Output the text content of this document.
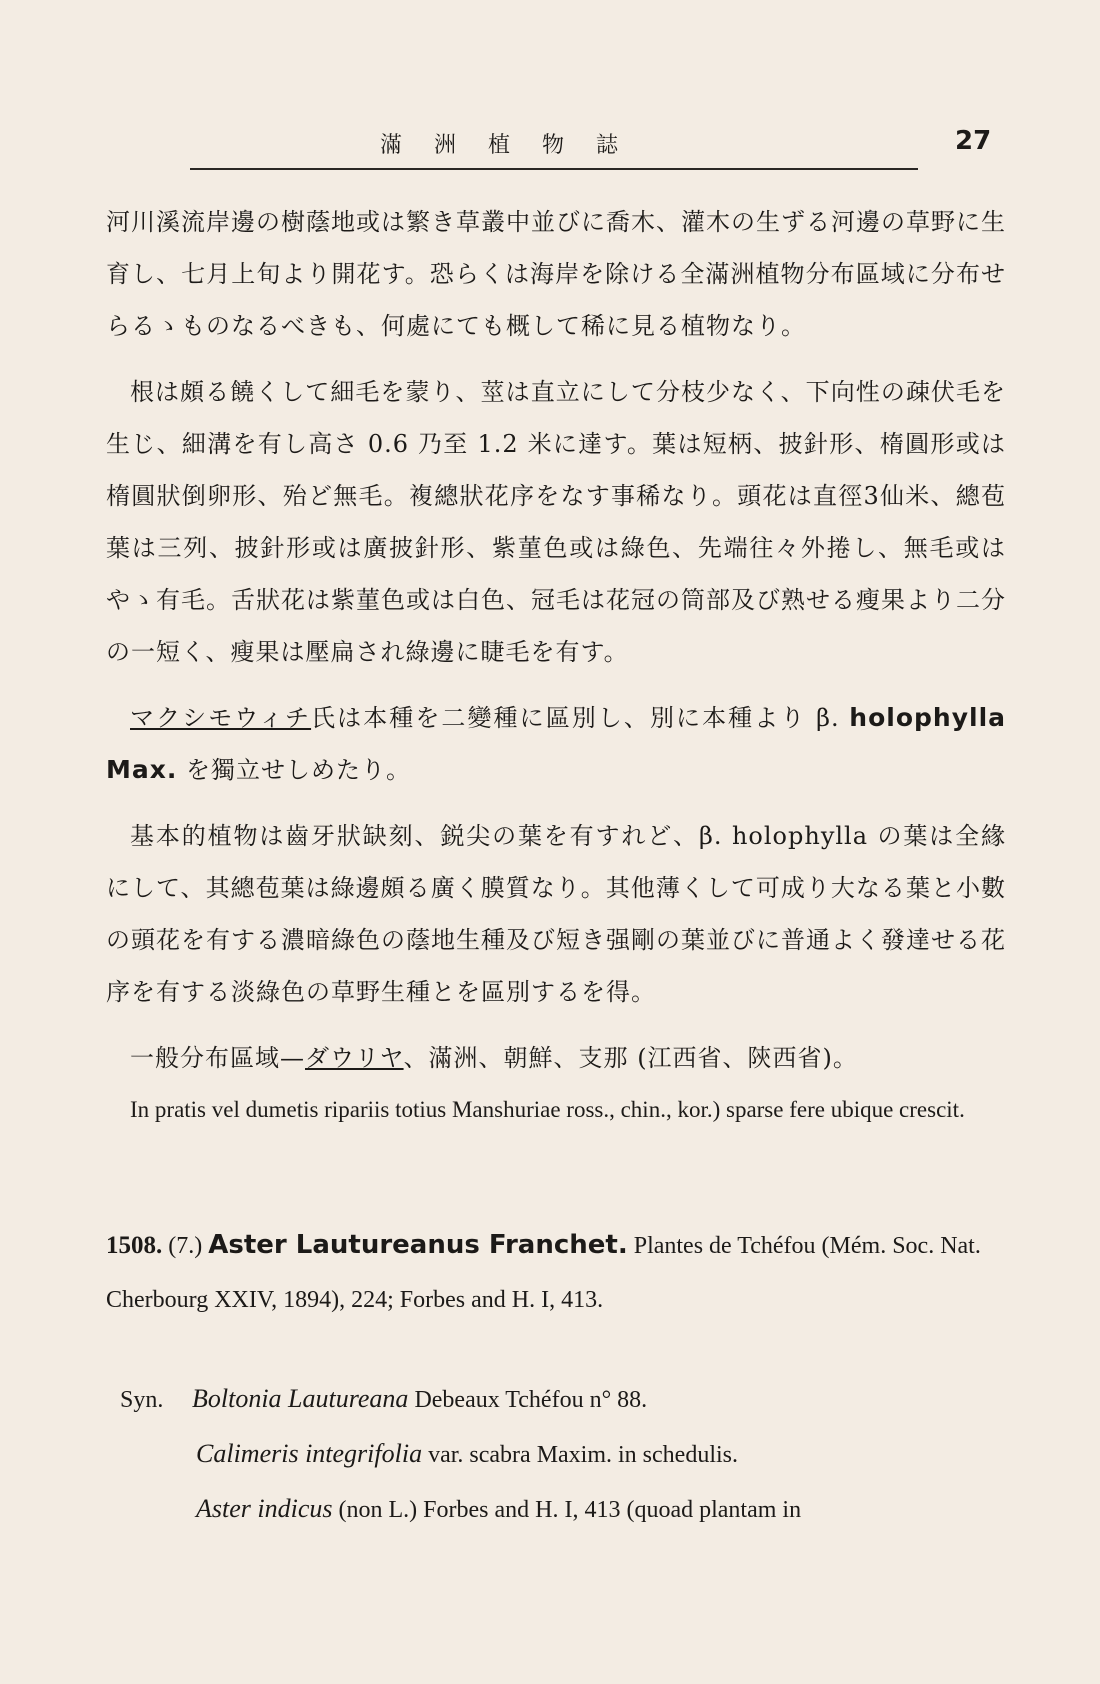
滿洲植物誌	27

河川溪流岸邊の樹蔭地或は繁き草叢中並びに喬木、灌木の生ずる河邊の草野に生育し、七月上旬より開花す。恐らくは海岸を除ける全滿洲植物分布區域に分布せらるゝものなるべきも、何處にても概して稀に見る植物なり。

根は頗る饒くして細毛を蒙り、莖は直立にして分枝少なく、下向性の疎伏毛を生じ、細溝を有し高さ 0.6 乃至 1.2 米に達す。葉は短柄、披針形、楕圓形或は楕圓狀倒卵形、殆ど無毛。複總狀花序をなす事稀なり。頭花は直徑3仙米、總苞葉は三列、披針形或は廣披針形、紫菫色或は綠色、先端往々外捲し、無毛或はやゝ有毛。舌狀花は紫菫色或は白色、冠毛は花冠の筒部及び熟せる瘦果より二分の一短く、瘦果は壓扁され綠邊に睫毛を有す。

マクシモウィチ氏は本種を二變種に區別し、別に本種より β. holophylla Max. を獨立せしめたり。

基本的植物は齒牙狀缺刻、鋭尖の葉を有すれど、β. holophylla の葉は全緣にして、其總苞葉は綠邊頗る廣く膜質なり。其他薄くして可成り大なる葉と小數の頭花を有する濃暗綠色の蔭地生種及び短き强剛の葉並びに普通よく發達せる花序を有する淡綠色の草野生種とを區別するを得。

一般分布區域—ダウリヤ、滿洲、朝鮮、支那 (江西省、陝西省)。

In pratis vel dumetis ripariis totius Manshuriae ross., chin., kor.) sparse fere ubique crescit.

1508. (7.) Aster Lautureanus Franchet. Plantes de Tchéfou (Mém. Soc. Nat. Cherbourg XXIV, 1894), 224; Forbes and H. I, 413.

Syn. Boltonia Lautureana Debeaux Tchéfou n° 88.
Calimeris integrifolia var. scabra Maxim. in schedulis.
Aster indicus (non L.) Forbes and H. I, 413 (quoad plantam in
